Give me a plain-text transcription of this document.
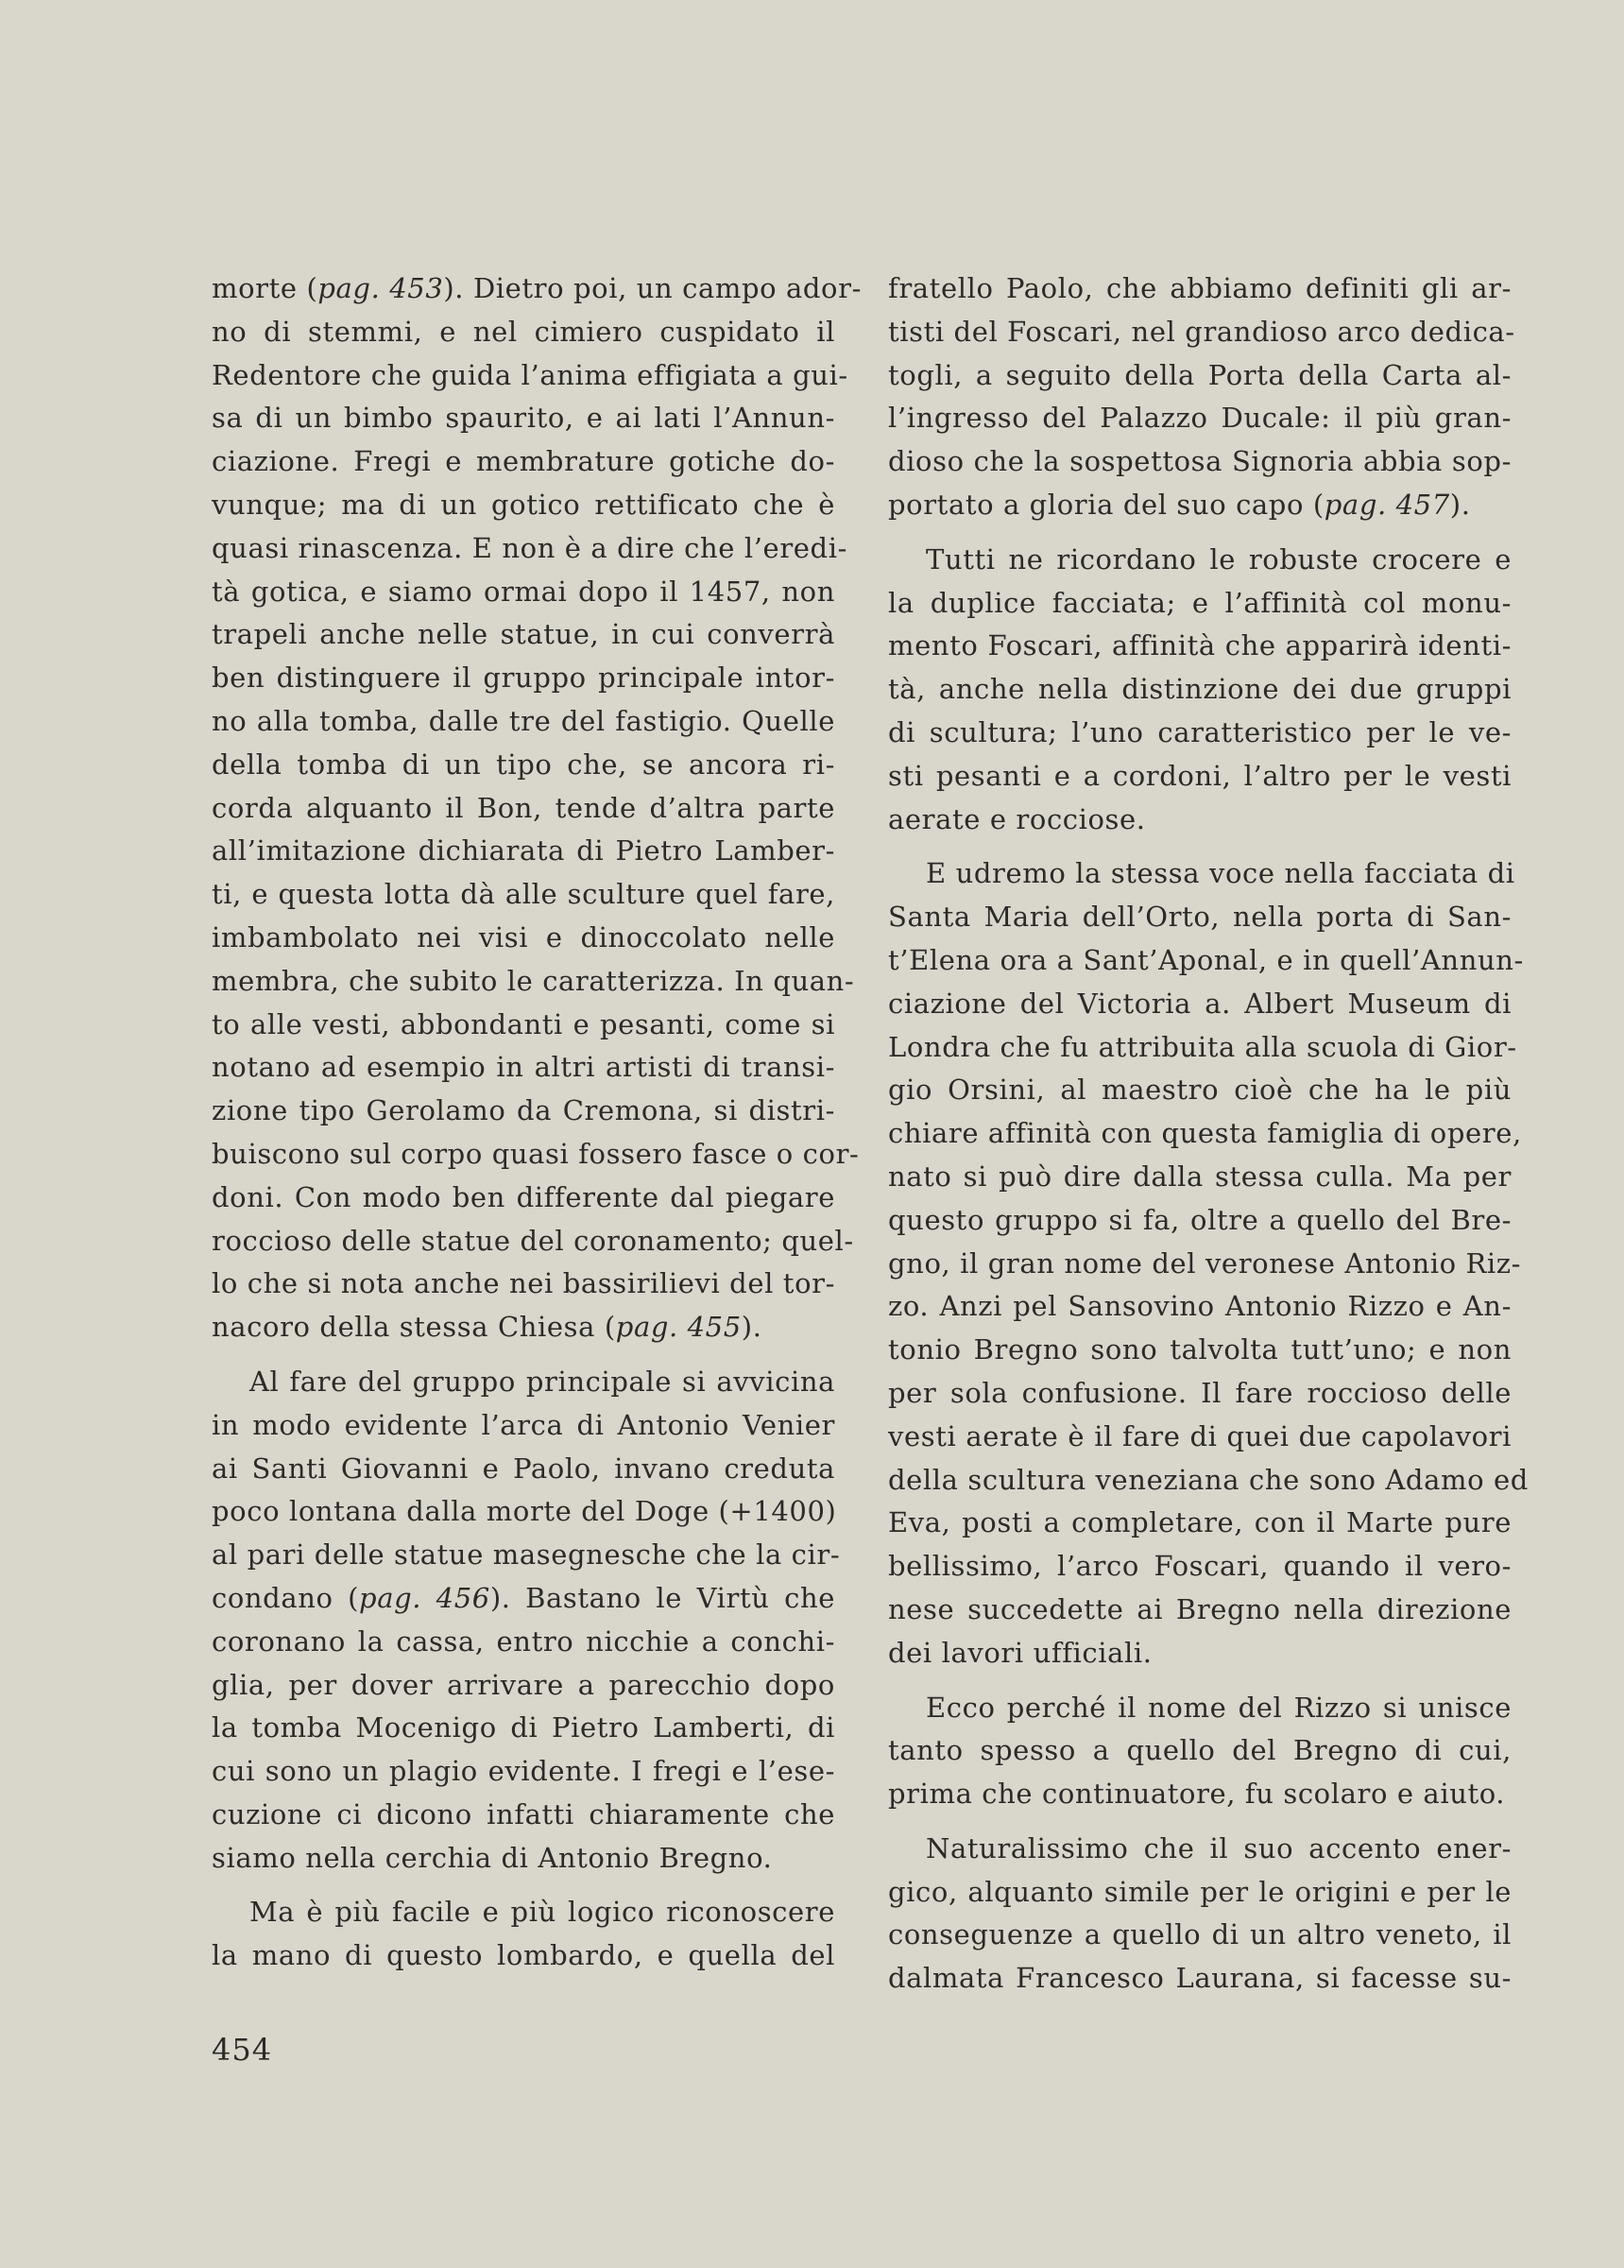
morte (pag. 453). Dietro poi, un campo ador-
no di stemmi, e nel cimiero cuspidato il
Redentore che guida l’anima effigiata a gui-
sa di un bimbo spaurito, e ai lati l’Annun-
ciazione. Fregi e membrature gotiche do-
vunque; ma di un gotico rettificato che è
quasi rinascenza. E non è a dire che l’eredi-
tà gotica, e siamo ormai dopo il 1457, non
trapeli anche nelle statue, in cui converrà
ben distinguere il gruppo principale intor-
no alla tomba, dalle tre del fastigio. Quelle
della tomba di un tipo che, se ancora ri-
corda alquanto il Bon, tende d’altra parte
all’imitazione dichiarata di Pietro Lamber-
ti, e questa lotta dà alle sculture quel fare,
imbambolato nei visi e dinoccolato nelle
membra, che subito le caratterizza. In quan-
to alle vesti, abbondanti e pesanti, come si
notano ad esempio in altri artisti di transi-
zione tipo Gerolamo da Cremona, si distri-
buiscono sul corpo quasi fossero fasce o cor-
doni. Con modo ben differente dal piegare
roccioso delle statue del coronamento; quel-
lo che si nota anche nei bassirilievi del tor-
nacoro della stessa Chiesa (pag. 455).
Al fare del gruppo principale si avvicina
in modo evidente l’arca di Antonio Venier
ai Santi Giovanni e Paolo, invano creduta
poco lontana dalla morte del Doge (+1400)
al pari delle statue masegnesche che la cir-
condano (pag. 456). Bastano le Virtù che
coronano la cassa, entro nicchie a conchi-
glia, per dover arrivare a parecchio dopo
la tomba Mocenigo di Pietro Lamberti, di
cui sono un plagio evidente. I fregi e l’ese-
cuzione ci dicono infatti chiaramente che
siamo nella cerchia di Antonio Bregno.
Ma è più facile e più logico riconoscere
la mano di questo lombardo, e quella del
fratello Paolo, che abbiamo definiti gli ar-
tisti del Foscari, nel grandioso arco dedica-
togli, a seguito della Porta della Carta al-
l’ingresso del Palazzo Ducale: il più gran-
dioso che la sospettosa Signoria abbia sop-
portato a gloria del suo capo (pag. 457).
Tutti ne ricordano le robuste crocere e
la duplice facciata; e l’affinità col monu-
mento Foscari, affinità che apparirà identi-
tà, anche nella distinzione dei due gruppi
di scultura; l’uno caratteristico per le ve-
sti pesanti e a cordoni, l’altro per le vesti
aerate e rocciose.
E udremo la stessa voce nella facciata di
Santa Maria dell’Orto, nella porta di San-
t’Elena ora a Sant’Aponal, e in quell’Annun-
ciazione del Victoria a. Albert Museum di
Londra che fu attribuita alla scuola di Gior-
gio Orsini, al maestro cioè che ha le più
chiare affinità con questa famiglia di opere,
nato si può dire dalla stessa culla. Ma per
questo gruppo si fa, oltre a quello del Bre-
gno, il gran nome del veronese Antonio Riz-
zo. Anzi pel Sansovino Antonio Rizzo e An-
tonio Bregno sono talvolta tutt’uno; e non
per sola confusione. Il fare roccioso delle
vesti aerate è il fare di quei due capolavori
della scultura veneziana che sono Adamo ed
Eva, posti a completare, con il Marte pure
bellissimo, l’arco Foscari, quando il vero-
nese succedette ai Bregno nella direzione
dei lavori ufficiali.
Ecco perché il nome del Rizzo si unisce
tanto spesso a quello del Bregno di cui,
prima che continuatore, fu scolaro e aiuto.
Naturalissimo che il suo accento ener-
gico, alquanto simile per le origini e per le
conseguenze a quello di un altro veneto, il
dalmata Francesco Laurana, si facesse su-
454
